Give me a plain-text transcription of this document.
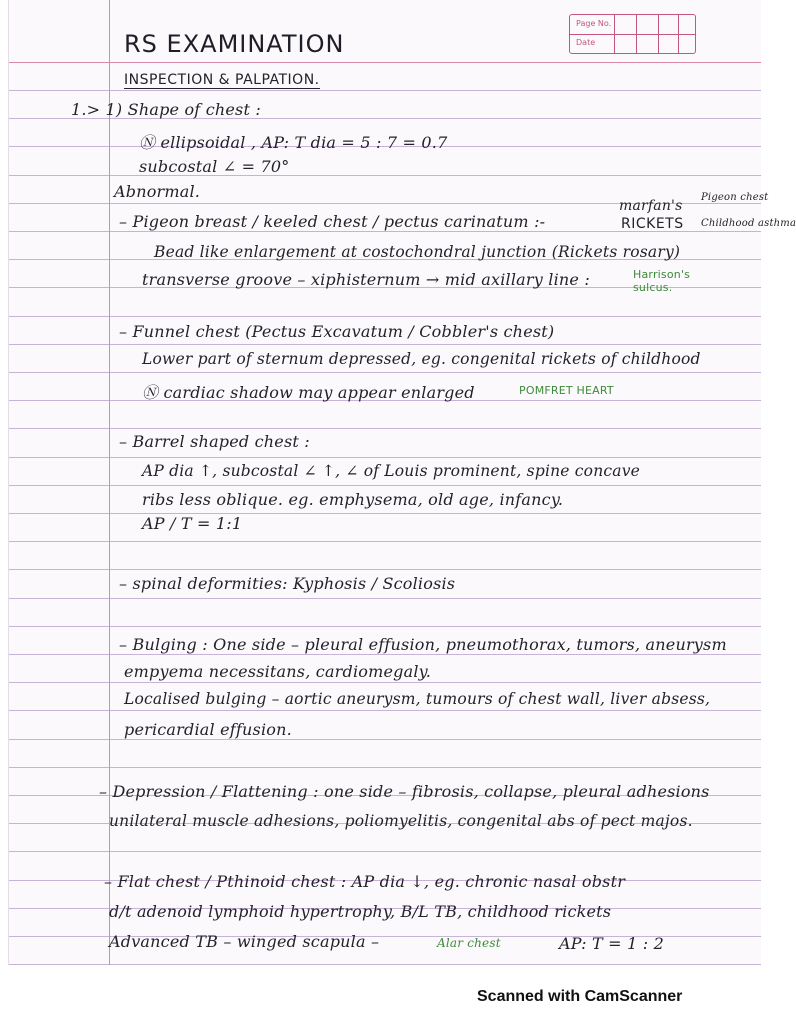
Page No.
Date
RS EXAMINATION
INSPECTION & PALPATION.
1.> 1) Shape of chest :
Ⓝ ellipsoidal , AP: T dia = 5 : 7 = 0.7
subcostal ∠ = 70°
Abnormal.
– Pigeon breast / keeled chest / pectus carinatum :-
marfan's
RICKETS
Pigeon chest
Childhood asthma
Bead like enlargement at costochondral junction (Rickets rosary)
transverse groove – xiphisternum → mid axillary line :	Harrison's sulcus.
– Funnel chest (Pectus Excavatum / Cobbler's chest)
Lower part of sternum depressed, eg. congenital rickets of childhood
Ⓝ cardiac shadow may appear enlarged	POMFRET HEART
– Barrel shaped chest :
AP dia ↑, subcostal ∠ ↑, ∠ of Louis prominent, spine concave
ribs less oblique. eg. emphysema, old age, infancy.
AP / T = 1:1
– spinal deformities: Kyphosis / Scoliosis
– Bulging : One side – pleural effusion, pneumothorax, tumors, aneurysm
empyema necessitans, cardiomegaly.
Localised bulging – aortic aneurysm, tumours of chest wall, liver absess,
pericardial effusion.
– Depression / Flattening : one side – fibrosis, collapse, pleural adhesions
unilateral muscle adhesions, poliomyelitis, congenital abs of pect majos.
– Flat chest / Pthinoid chest : AP dia ↓, eg. chronic nasal obstr
d/t adenoid lymphoid hypertrophy, B/L TB, childhood rickets
Advanced TB – winged scapula –	Alar chest	AP: T = 1 : 2
Scanned with CamScanner
